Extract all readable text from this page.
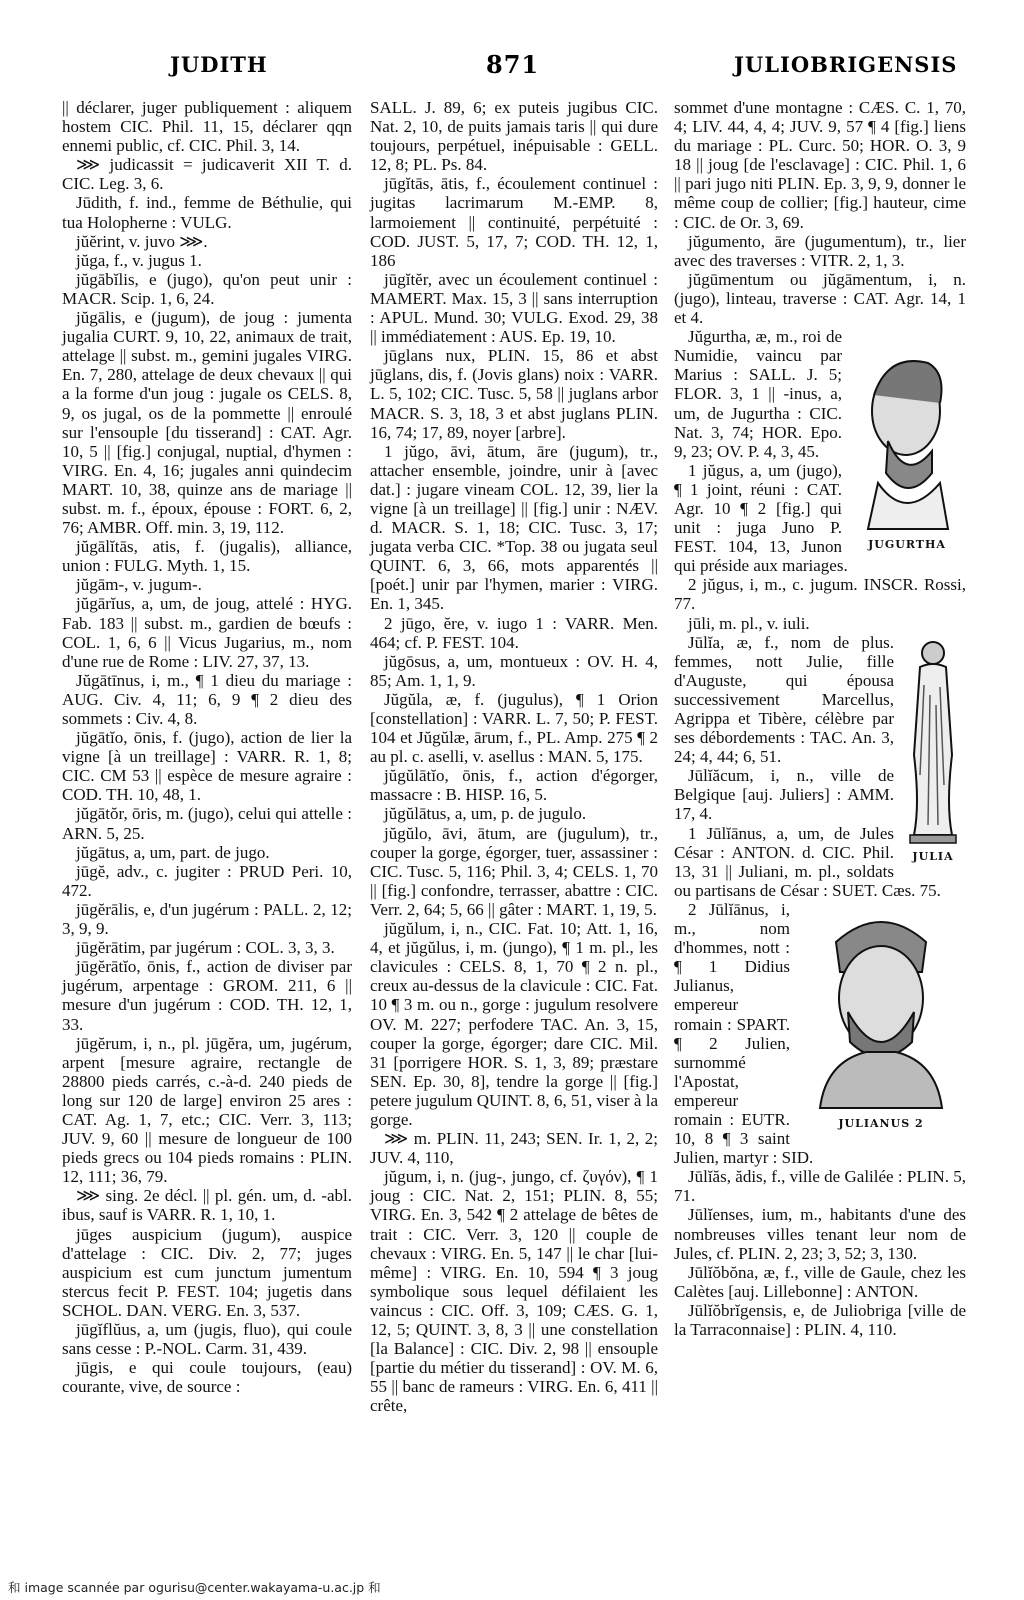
JUDITH	871	JULIOBRIGENSIS

|| déclarer, juger publiquement : aliquem hostem CIC. Phil. 11, 15, déclarer qqn ennemi public, cf. CIC. Phil. 3, 14.

⋙ judicassit = judicaverit XII T. d. CIC. Leg. 3, 6.

Jūdith, f. ind., femme de Béthulie, qui tua Holopherne : VULG.

jŭĕrint, v. juvo ⋙.

jŭga, f., v. jugus 1.

jŭgābĭlis, e (jugo), qu'on peut unir : MACR. Scip. 1, 6, 24.

jŭgālis, e (jugum), de joug : jumenta jugalia CURT. 9, 10, 22, animaux de trait, attelage || subst. m., gemini jugales VIRG. En. 7, 280, attelage de deux chevaux || qui a la forme d'un joug : jugale os CELS. 8, 9, os jugal, os de la pommette || enroulé sur l'ensouple [du tisserand] : CAT. Agr. 10, 5 || [fig.] conjugal, nuptial, d'hymen : VIRG. En. 4, 16; jugales anni quindecim MART. 10, 38, quinze ans de mariage || subst. m. f., époux, épouse : FORT. 6, 2, 76; AMBR. Off. min. 3, 19, 112.

jŭgālĭtās, atis, f. (jugalis), alliance, union : FULG. Myth. 1, 15.

jŭgām-, v. jugum-.

jŭgārĭus, a, um, de joug, attelé : HYG. Fab. 183 || subst. m., gardien de bœufs : COL. 1, 6, 6 || Vicus Jugarius, m., nom d'une rue de Rome : LIV. 27, 37, 13.

Jŭgātīnus, i, m., ¶ 1 dieu du mariage : AUG. Civ. 4, 11; 6, 9 ¶ 2 dieu des sommets : Civ. 4, 8.

jŭgātĭo, ōnis, f. (jugo), action de lier la vigne [à un treillage] : VARR. R. 1, 8; CIC. CM 53 || espèce de mesure agraire : COD. TH. 10, 48, 1.

jŭgātŏr, ōris, m. (jugo), celui qui attelle : ARN. 5, 25.

jŭgātus, a, um, part. de jugo.

jūgĕ, adv., c. jugiter : PRUD Peri. 10, 472.

jūgĕrālis, e, d'un jugérum : PALL. 2, 12; 3, 9, 9.

jūgĕrātim, par jugérum : COL. 3, 3, 3.

jūgĕrātĭo, ōnis, f., action de diviser par jugérum, arpentage : GROM. 211, 6 || mesure d'un jugérum : COD. TH. 12, 1, 33.

jūgĕrum, i, n., pl. jūgĕra, um, jugérum, arpent [mesure agraire, rectangle de 28800 pieds carrés, c.-à-d. 240 pieds de long sur 120 de large] environ 25 ares : CAT. Ag. 1, 7, etc.; CIC. Verr. 3, 113; JUV. 9, 60 || mesure de longueur de 100 pieds grecs ou 104 pieds romains : PLIN. 12, 111; 36, 79.

⋙ sing. 2e décl. || pl. gén. um, d. -abl. ibus, sauf is VARR. R. 1, 10, 1.

jūges auspicium (jugum), auspice d'attelage : CIC. Div. 2, 77; juges auspicium est cum junctum jumentum stercus fecit P. FEST. 104; jugetis dans SCHOL. DAN. VERG. En. 3, 537.

jūgĭflŭus, a, um (jugis, fluo), qui coule sans cesse : P.-NOL. Carm. 31, 439.

jūgis, e qui coule toujours, (eau) courante, vive, de source :

SALL. J. 89, 6; ex puteis jugibus CIC. Nat. 2, 10, de puits jamais taris || qui dure toujours, perpétuel, inépuisable : GELL. 12, 8; PL. Ps. 84.

jūgĭtās, ātis, f., écoulement continuel : jugitas lacrimarum M.-EMP. 8, larmoiement || continuité, perpétuité : COD. JUST. 5, 17, 7; COD. TH. 12, 1, 186

jūgĭtĕr, avec un écoulement continuel : MAMERT. Max. 15, 3 || sans interruption : APUL. Mund. 30; VULG. Exod. 29, 38 || immédiatement : AUS. Ep. 19, 10.

jūglans nux, PLIN. 15, 86 et abst jūglans, dis, f. (Jovis glans) noix : VARR. L. 5, 102; CIC. Tusc. 5, 58 || juglans arbor MACR. S. 3, 18, 3 et abst juglans PLIN. 16, 74; 17, 89, noyer [arbre].

1 jŭgo, āvi, ātum, āre (jugum), tr., attacher ensemble, joindre, unir à [avec dat.] : jugare vineam COL. 12, 39, lier la vigne [à un treillage] || [fig.] unir : NÆV. d. MACR. S. 1, 18; CIC. Tusc. 3, 17; jugata verba CIC. *Top. 38 ou jugata seul QUINT. 6, 3, 66, mots apparentés || [poét.] unir par l'hymen, marier : VIRG. En. 1, 345.

2 jūgo, ĕre, v. iugo 1 : VARR. Men. 464; cf. P. FEST. 104.

jŭgōsus, a, um, montueux : OV. H. 4, 85; Am. 1, 1, 9.

Jŭgŭla, æ, f. (jugulus), ¶ 1 Orion [constellation] : VARR. L. 7, 50; P. FEST. 104 et Jŭgŭlæ, ārum, f., PL. Amp. 275 ¶ 2 au pl. c. aselli, v. asellus : MAN. 5, 175.

jŭgŭlātĭo, ōnis, f., action d'égorger, massacre : B. HISP. 16, 5.

jŭgŭlātus, a, um, p. de jugulo.

jŭgŭlo, āvi, ātum, are (jugulum), tr., couper la gorge, égorger, tuer, assassiner : CIC. Tusc. 5, 116; Phil. 3, 4; CELS. 1, 70 || [fig.] confondre, terrasser, abattre : CIC. Verr. 2, 64; 5, 66 || gâter : MART. 1, 19, 5.

jŭgŭlum, i, n., CIC. Fat. 10; Att. 1, 16, 4, et jŭgŭlus, i, m. (jungo), ¶ 1 m. pl., les clavicules : CELS. 8, 1, 70 ¶ 2 n. pl., creux au-dessus de la clavicule : CIC. Fat. 10 ¶ 3 m. ou n., gorge : jugulum resolvere OV. M. 227; perfodere TAC. An. 3, 15, couper la gorge, égorger; dare CIC. Mil. 31 [porrigere HOR. S. 1, 3, 89; præstare SEN. Ep. 30, 8], tendre la gorge || [fig.] petere jugulum QUINT. 8, 6, 51, viser à la gorge.

⋙ m. PLIN. 11, 243; SEN. Ir. 1, 2, 2; JUV. 4, 110,

jŭgum, i, n. (jug-, jungo, cf. ζυγόν), ¶ 1 joug : CIC. Nat. 2, 151; PLIN. 8, 55; VIRG. En. 3, 542 ¶ 2 attelage de bêtes de trait : CIC. Verr. 3, 120 || couple de chevaux : VIRG. En. 5, 147 || le char [lui-même] : VIRG. En. 10, 594 ¶ 3 joug symbolique sous lequel défilaient les vaincus : CIC. Off. 3, 109; CÆS. G. 1, 12, 5; QUINT. 3, 8, 3 || une constellation [la Balance] : CIC. Div. 2, 98 || ensouple [partie du métier du tisserand] : OV. M. 6, 55 || banc de rameurs : VIRG. En. 6, 411 || crête,

sommet d'une montagne : CÆS. C. 1, 70, 4; LIV. 44, 4, 4; JUV. 9, 57 ¶ 4 [fig.] liens du mariage : PL. Curc. 50; HOR. O. 3, 9 18 || joug [de l'esclavage] : CIC. Phil. 1, 6 || pari jugo niti PLIN. Ep. 3, 9, 9, donner le même coup de collier; [fig.] hauteur, cime : CIC. de Or. 3, 69.

jŭgumento, āre (jugumentum), tr., lier avec des traverses : VITR. 2, 1, 3.

jŭgūmentum ou jŭgāmentum, i, n. (jugo), linteau, traverse : CAT. Agr. 14, 1 et 4.

JUGURTHA

Jŭgurtha, æ, m., roi de Numidie, vaincu par Marius : SALL. J. 5; FLOR. 3, 1 || -inus, a, um, de Jugurtha : CIC. Nat. 3, 74; HOR. Epo. 9, 23; OV. P. 4, 3, 45.

1 jŭgus, a, um (jugo), ¶ 1 joint, réuni : CAT. Agr. 10 ¶ 2 [fig.] qui unit : juga Juno P. FEST. 104, 13, Junon qui préside aux mariages.

2 jŭgus, i, m., c. jugum. INSCR. Rossi, 77.

jūli, m. pl., v. iuli.

JULIA

Jūlĭa, æ, f., nom de plus. femmes, nott Julie, fille d'Auguste, qui épousa successivement Marcellus, Agrippa et Tibère, célèbre par ses débordements : TAC. An. 3, 24; 4, 44; 6, 51.

Jūlĭăcum, i, n., ville de Belgique [auj. Juliers] : AMM. 17, 4.

1 Jūlĭānus, a, um, de Jules César : ANTON. d. CIC. Phil. 13, 31 || Juliani, m. pl., soldats ou partisans de César : SUET. Cæs. 75.

JULIANUS 2

2 Jūlĭānus, i, m., nom d'hommes, nott : ¶ 1 Didius Julianus, empereur romain : SPART. ¶ 2 Julien, surnommé l'Apostat, empereur romain : EUTR. 10, 8 ¶ 3 saint Julien, martyr : SID.

Jūlĭăs, ădis, f., ville de Galilée : PLIN. 5, 71.

Jūlĭenses, ium, m., habitants d'une des nombreuses villes tenant leur nom de Jules, cf. PLIN. 2, 23; 3, 52; 3, 130.

Jūlĭŏbŏna, æ, f., ville de Gaule, chez les Calètes [auj. Lillebonne] : ANTON.

Jūlĭŏbrĭgensis, e, de Juliobriga [ville de la Tarraconnaise] : PLIN. 4, 110.

和 image scannée par ogurisu@center.wakayama-u.ac.jp 和
